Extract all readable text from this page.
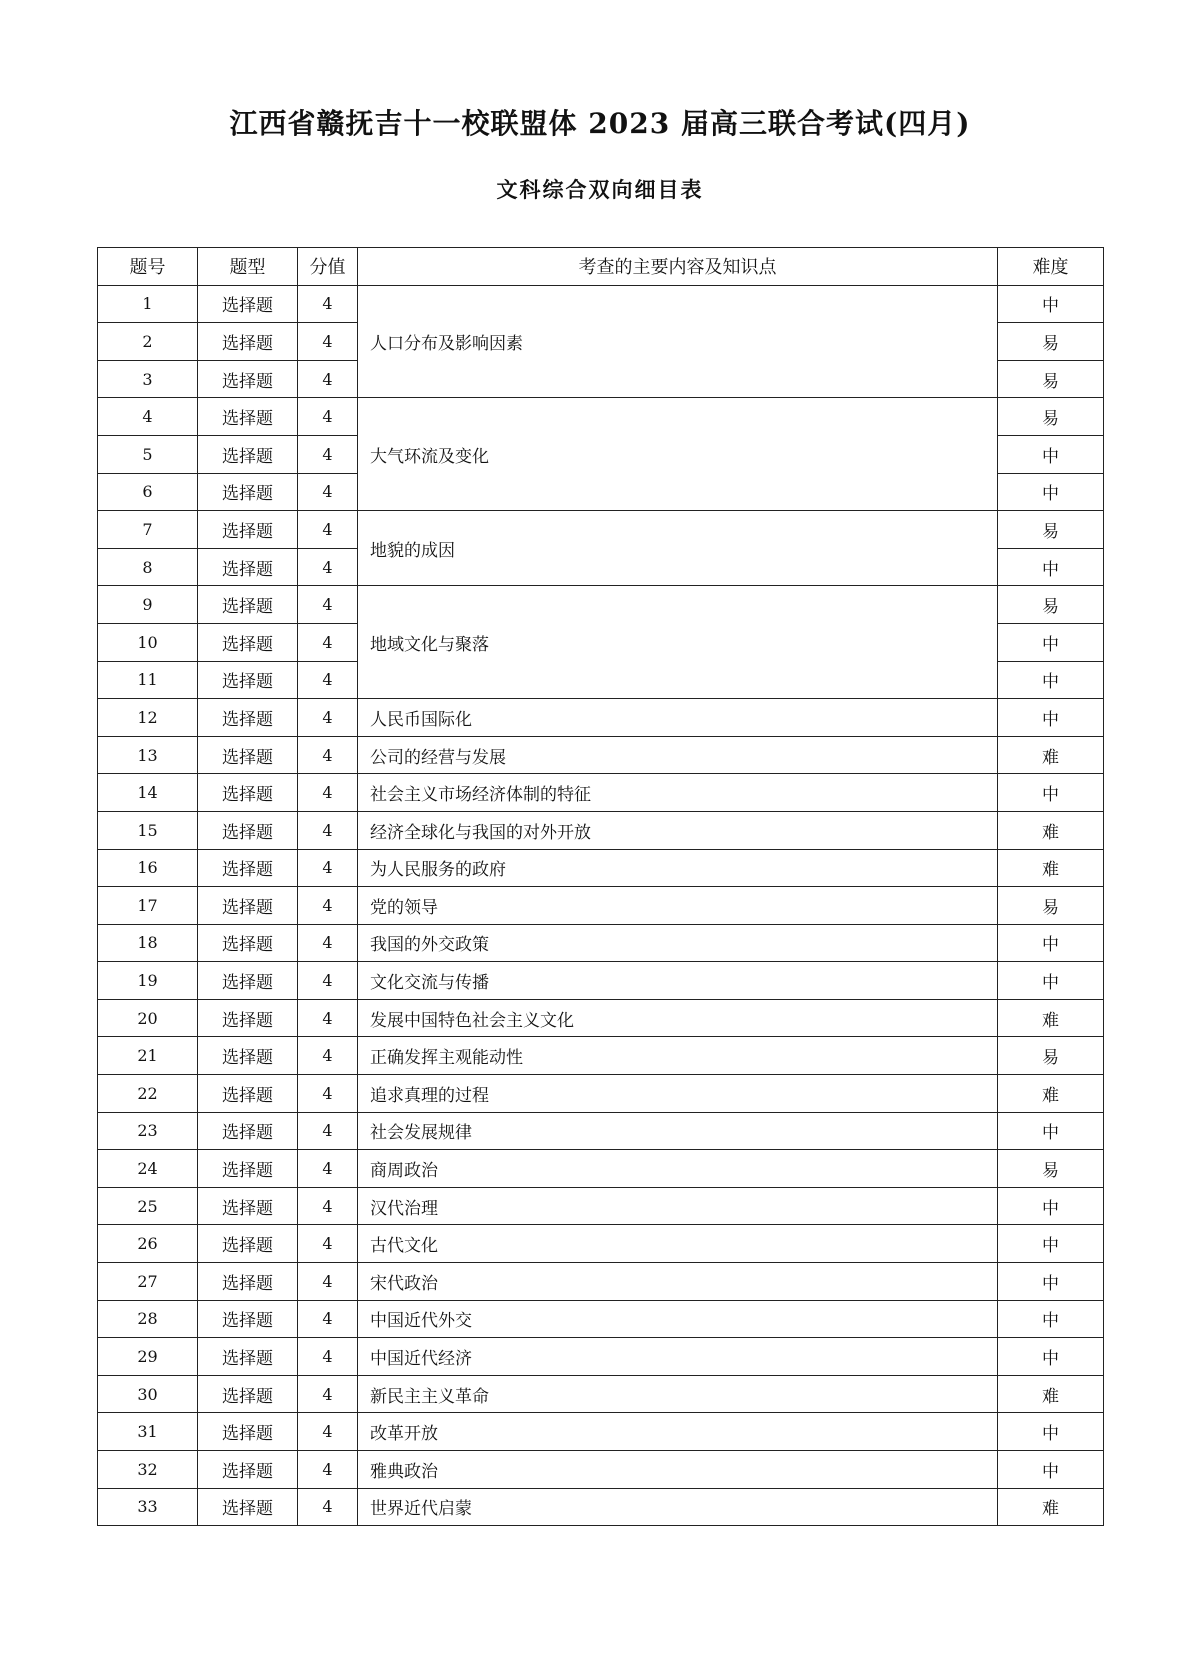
江西省赣抚吉十一校联盟体 2023 届高三联合考试(四月)
文科综合双向细目表
题号	题型	分值	考查的主要内容及知识点	难度
1	选择题	4	人口分布及影响因素	中
2	选择题	4		易
3	选择题	4		易
4	选择题	4	大气环流及变化	易
5	选择题	4		中
6	选择题	4		中
7	选择题	4	地貌的成因	易
8	选择题	4		中
9	选择题	4	地域文化与聚落	易
10	选择题	4		中
11	选择题	4		中
12	选择题	4	人民币国际化	中
13	选择题	4	公司的经营与发展	难
14	选择题	4	社会主义市场经济体制的特征	中
15	选择题	4	经济全球化与我国的对外开放	难
16	选择题	4	为人民服务的政府	难
17	选择题	4	党的领导	易
18	选择题	4	我国的外交政策	中
19	选择题	4	文化交流与传播	中
20	选择题	4	发展中国特色社会主义文化	难
21	选择题	4	正确发挥主观能动性	易
22	选择题	4	追求真理的过程	难
23	选择题	4	社会发展规律	中
24	选择题	4	商周政治	易
25	选择题	4	汉代治理	中
26	选择题	4	古代文化	中
27	选择题	4	宋代政治	中
28	选择题	4	中国近代外交	中
29	选择题	4	中国近代经济	中
30	选择题	4	新民主主义革命	难
31	选择题	4	改革开放	中
32	选择题	4	雅典政治	中
33	选择题	4	世界近代启蒙	难
